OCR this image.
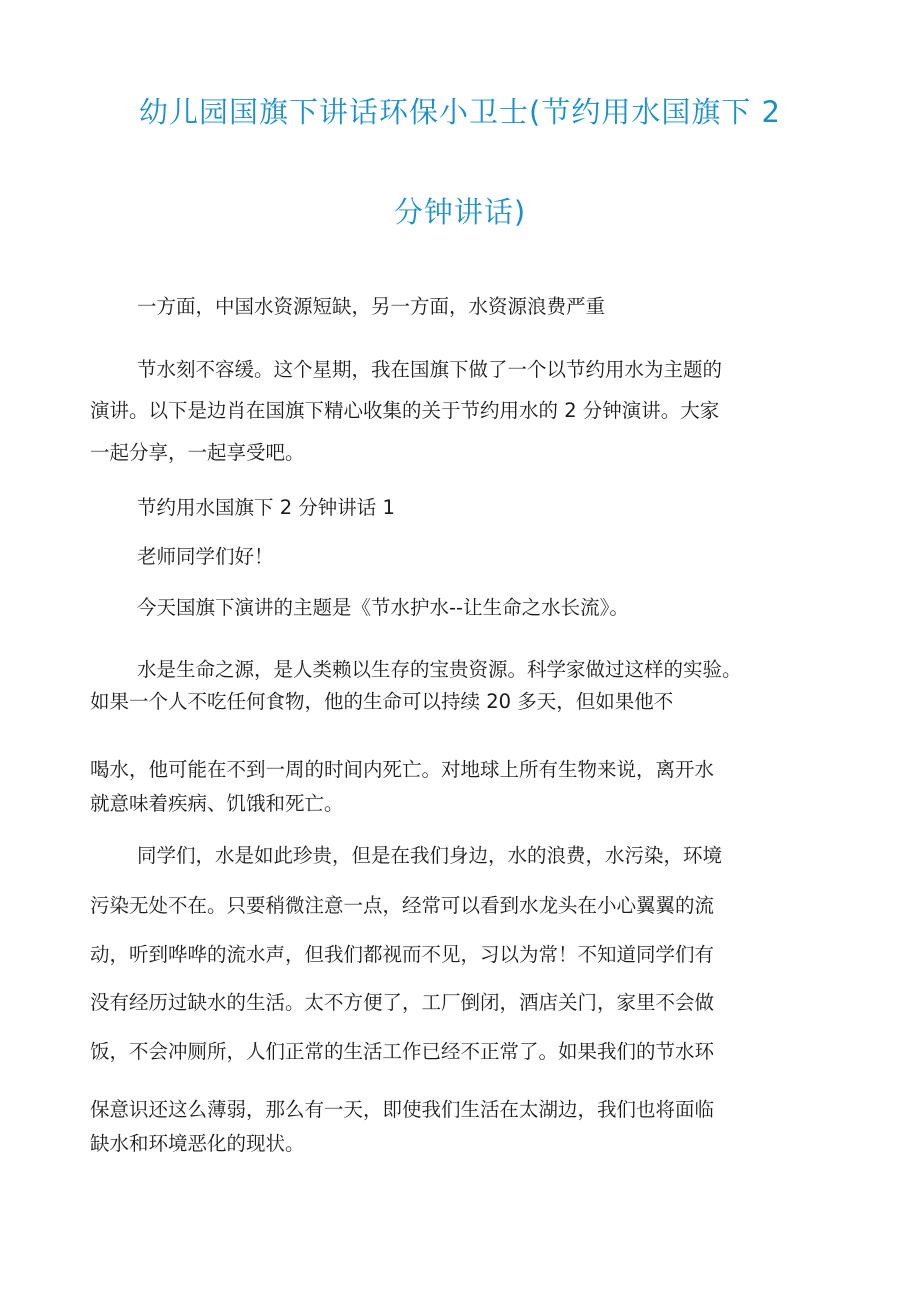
幼儿园国旗下讲话环保小卫士(节约用水国旗下 2
分钟讲话)

一方面，中国水资源短缺，另一方面，水资源浪费严重

节水刻不容缓。这个星期，我在国旗下做了一个以节约用水为主题的

演讲。以下是边肖在国旗下精心收集的关于节约用水的 2 分钟演讲。大家

一起分享，一起享受吧。

节约用水国旗下 2 分钟讲话 1

老师同学们好！

今天国旗下演讲的主题是《节水护水--让生命之水长流》。

水是生命之源，是人类赖以生存的宝贵资源。科学家做过这样的实验。

如果一个人不吃任何食物，他的生命可以持续 20 多天，但如果他不

喝水，他可能在不到一周的时间内死亡。对地球上所有生物来说，离开水

就意味着疾病、饥饿和死亡。

同学们，水是如此珍贵，但是在我们身边，水的浪费，水污染，环境

污染无处不在。只要稍微注意一点，经常可以看到水龙头在小心翼翼的流

动，听到哗哗的流水声，但我们都视而不见，习以为常！不知道同学们有

没有经历过缺水的生活。太不方便了，工厂倒闭，酒店关门，家里不会做

饭，不会冲厕所，人们正常的生活工作已经不正常了。如果我们的节水环

保意识还这么薄弱，那么有一天，即使我们生活在太湖边，我们也将面临

缺水和环境恶化的现状。
